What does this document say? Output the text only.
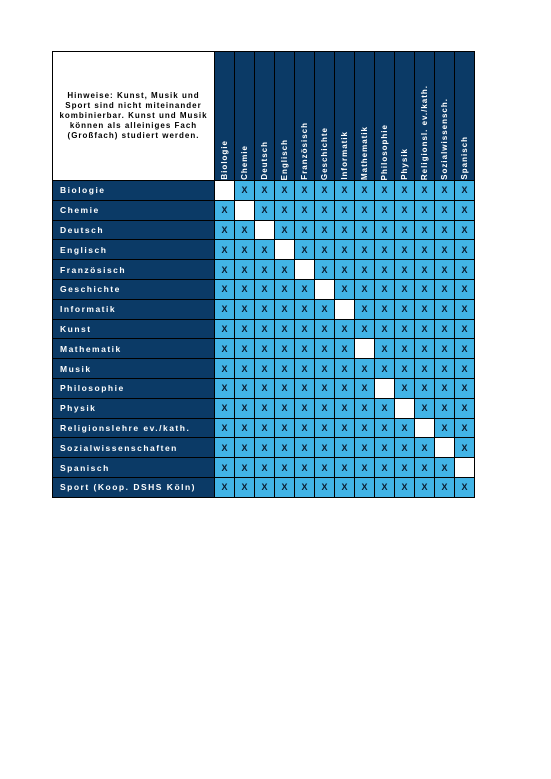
Hinweise: Kunst, Musik und Sport sind nicht miteinander kombinierbar. Kunst und Musik können als alleiniges Fach (Großfach) studiert werden.	Biologie	Chemie	Deutsch	Englisch	Französisch	Geschichte	Informatik	Mathematik	Philosophie	Physik	Religionsl. ev./kath.	Sozialwissensch.	Spanisch

Biologie		X	X	X	X	X	X	X	X	X	X	X	X
Chemie	X		X	X	X	X	X	X	X	X	X	X	X
Deutsch	X	X		X	X	X	X	X	X	X	X	X	X
Englisch	X	X	X		X	X	X	X	X	X	X	X	X
Französisch	X	X	X	X		X	X	X	X	X	X	X	X
Geschichte	X	X	X	X	X		X	X	X	X	X	X	X
Informatik	X	X	X	X	X	X		X	X	X	X	X	X
Kunst	X	X	X	X	X	X	X	X	X	X	X	X	X
Mathematik	X	X	X	X	X	X	X		X	X	X	X	X
Musik	X	X	X	X	X	X	X	X	X	X	X	X	X
Philosophie	X	X	X	X	X	X	X	X		X	X	X	X
Physik	X	X	X	X	X	X	X	X	X		X	X	X
Religionslehre ev./kath.	X	X	X	X	X	X	X	X	X	X		X	X
Sozialwissenschaften	X	X	X	X	X	X	X	X	X	X	X		X
Spanisch	X	X	X	X	X	X	X	X	X	X	X	X	
Sport (Koop. DSHS Köln)	X	X	X	X	X	X	X	X	X	X	X	X	X
